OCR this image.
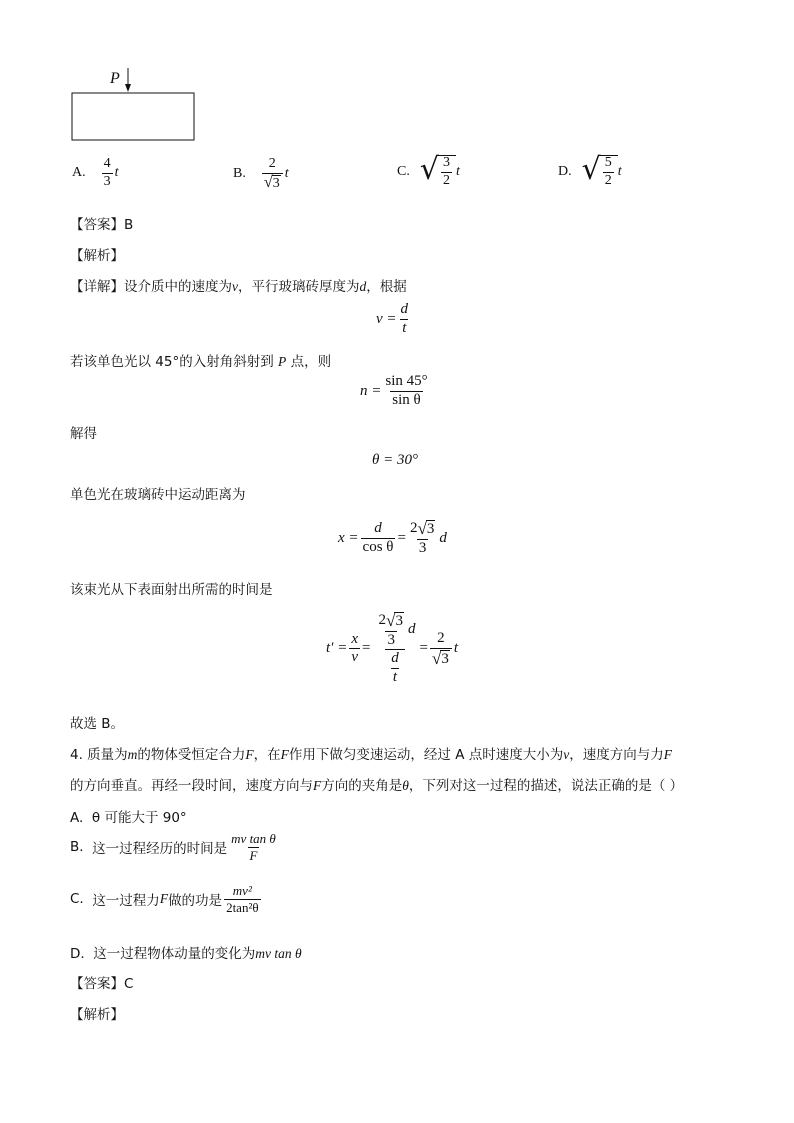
P
A. $\frac{4}{3}$ t	B. $\frac{2}{√ 3}$ t	C. √ $\frac{3}{2}$ t	D. √ $\frac{5}{2}$ t
【答案】B
【解析】
【详解】设介质中的速度为v，平行玻璃砖厚度为d，根据
$v = \frac{d}{t}$
若该单色光以 45°的入射角斜射到 P 点，则
$n = \frac{\sin 45^\circ}{\text{sin θ}}$
解得
θ = 30°
单色光在玻璃砖中运动距离为
$x = \frac{d}{\text{cos θ}} = \frac{2 √ 3}{3}$ d
该束光从下表面射出所需的时间是
$t' = \frac{x}{v} = \frac{\frac{2 √ 3}{3} d}{\frac{d}{t}} = \frac{2}{√ 3}$ t
故选 B。
4. 质量为m的物体受恒定合力F，在F作用下做匀变速运动，经过 A 点时速度大小为v，速度方向与力F
的方向垂直。再经一段时间，速度方向与F方向的夹角是θ，下列对这一过程的描述，说法正确的是（ ）
A. θ 可能大于 90°
B.
这一过程经历的时间是 $\frac{\text{mv tan θ}}{F}$
C.
这一过程力 F 做的功是 $\frac{\text{mv²}}{\text{2tan²θ}}$
D. 这一过程物体动量的变化为mv tan θ
【答案】C
【解析】
